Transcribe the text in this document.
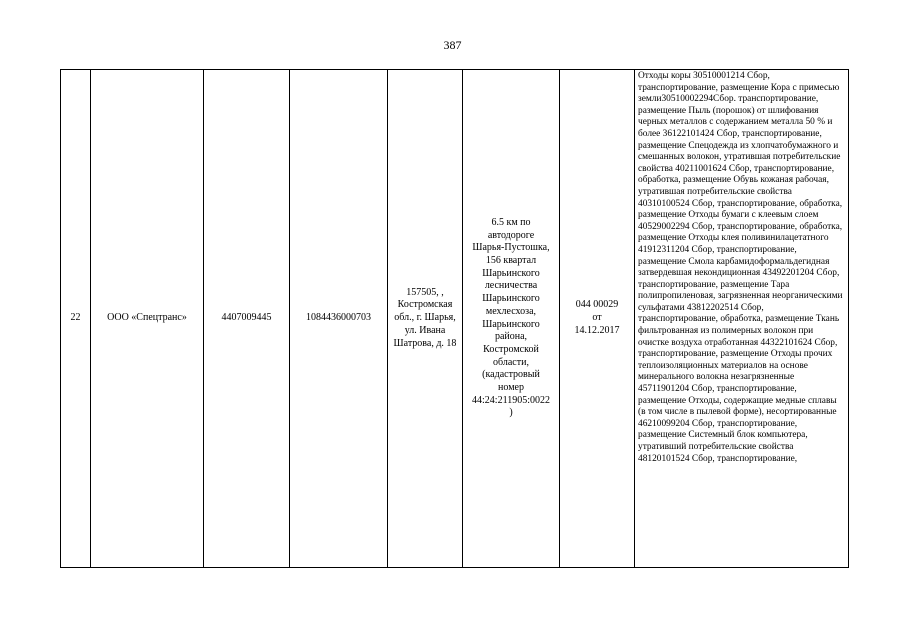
387
22	ООО «Спецтранс»	4407009445	1084436000703	157505, ,
Костромская
обл., г. Шарья,
ул. Ивана
Шатрова, д. 18	6.5 км по
автодороге
Шарья-Пустошка,
156 квартал
Шарьинского
лесничества
Шарьинского
мехлесхоза,
Шарьинского
района,
Костромской
области,
(кадастровый
номер
44:24:211905:0022
)	044 00029
от
14.12.2017	Отходы коры 30510001214 Сбор, транспортирование, размещение Кора с примесью земли30510002294Сбор. транспортирование, размещение Пыль (порошок) от шлифования черных металлов с содержанием металла 50 % и более 36122101424 Сбор, транспортирование, размещение Спецодежда из хлопчатобумажного и смешанных волокон, утратившая потребительские свойства 40211001624 Сбор, транспортирование, обработка, размещение Обувь кожаная рабочая, утратившая потребительские свойства 40310100524 Сбор, транспортирование, обработка, размещение Отходы бумаги с клеевым слоем 40529002294 Сбор, транспортирование, обработка, размещение Отходы клея поливинилацетатного 41912311204 Сбор, транспортирование, размещение Смола карбамидоформальдегидная затвердевшая некондиционная 43492201204 Сбор, транспортирование, размещение Тара полипропиленовая, загрязненная неорганическими сульфатами 43812202514 Сбор, транспортирование, обработка, размещение Ткань фильтрованная из полимерных волокон при очистке воздуха отработанная 44322101624 Сбор, транспортирование, размещение Отходы прочих теплоизоляционных материалов на основе минерального волокна незагрязненные 45711901204 Сбор, транспортирование, размещение Отходы, содержащие медные сплавы (в том числе в пылевой форме), несортированные 46210099204 Сбор, транспортирование, размещение Системный блок компьютера, утративший потребительские свойства 48120101524 Сбор, транспортирование,
